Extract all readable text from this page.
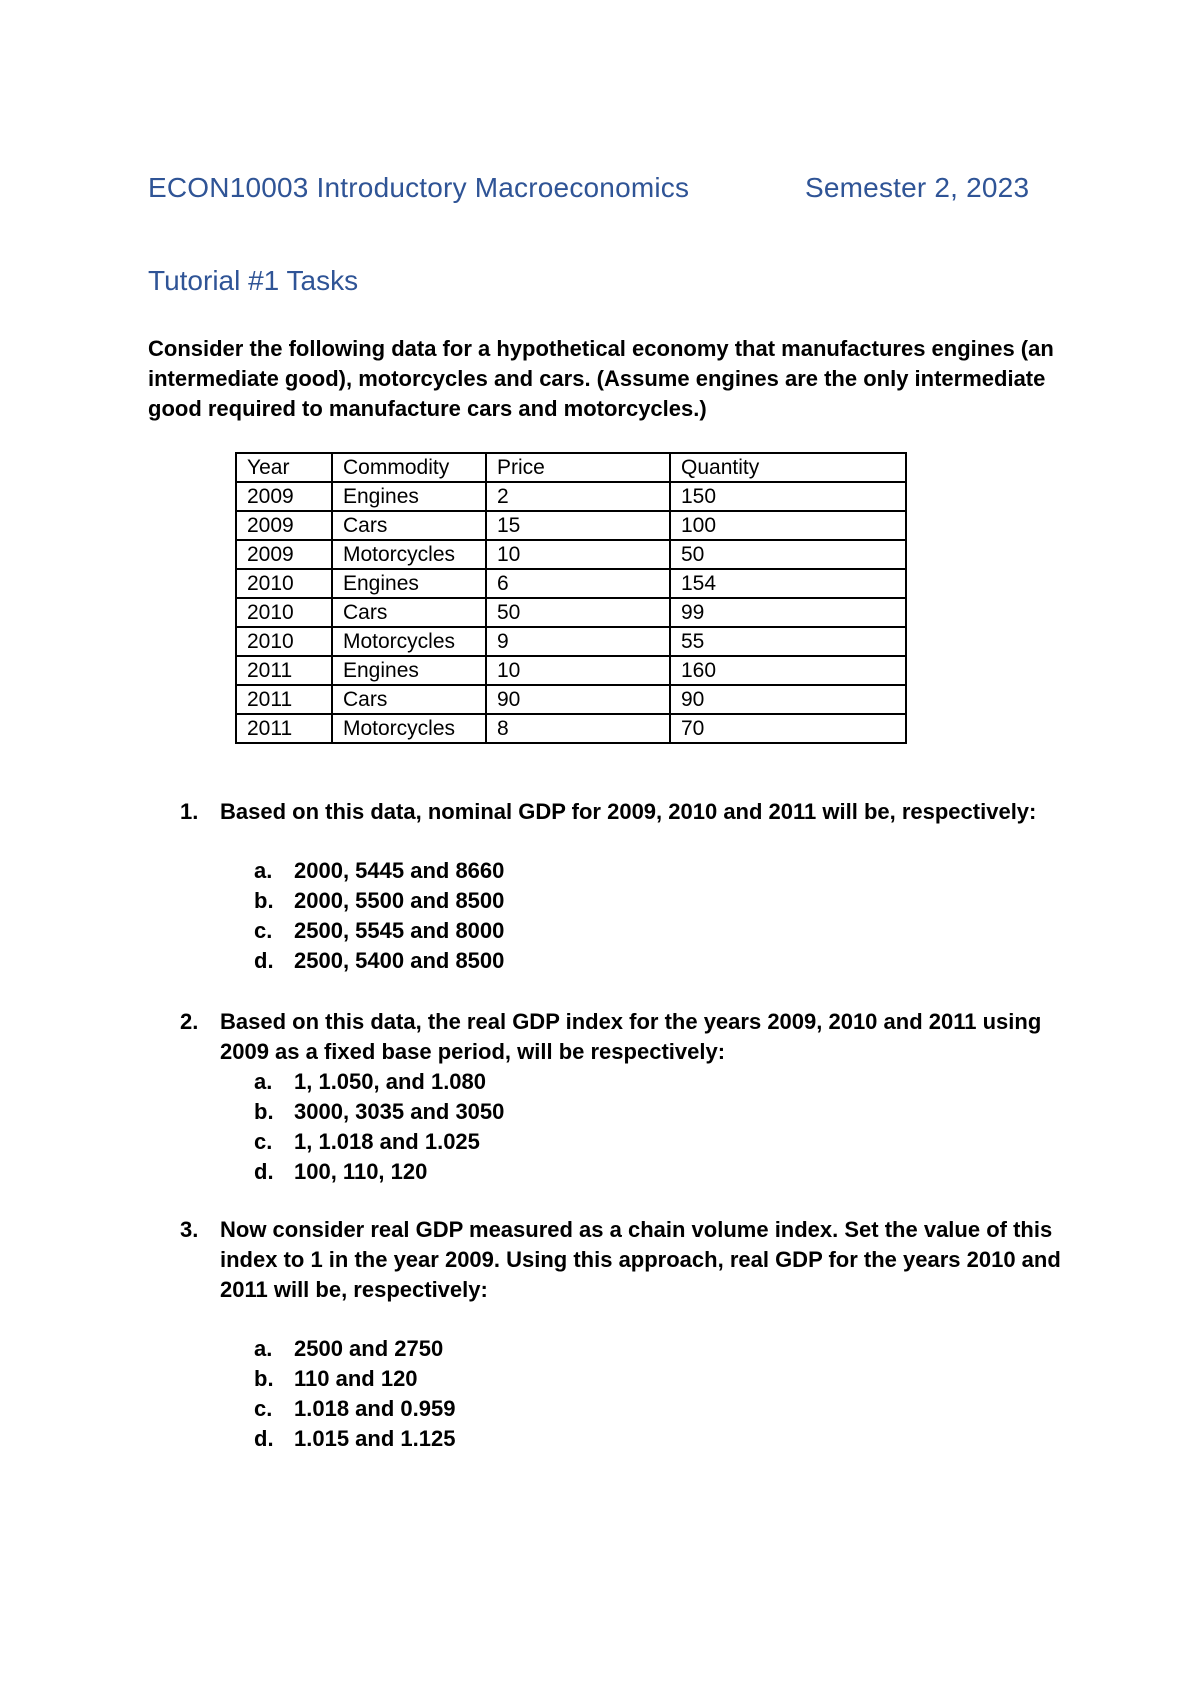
ECON10003 Introductory Macroeconomics	Semester 2, 2023
Tutorial #1 Tasks
Consider the following data for a hypothetical economy that manufactures engines (an intermediate good), motorcycles and cars. (Assume engines are the only intermediate good required to manufacture cars and motorcycles.)
Year	Commodity	Price	Quantity
2009	Engines	2	150
2009	Cars	15	100
2009	Motorcycles	10	50
2010	Engines	6	154
2010	Cars	50	99
2010	Motorcycles	9	55
2011	Engines	10	160
2011	Cars	90	90
2011	Motorcycles	8	70
1. Based on this data, nominal GDP for 2009, 2010 and 2011 will be, respectively:
a. 2000, 5445 and 8660
b. 2000, 5500 and 8500
c. 2500, 5545 and 8000
d. 2500, 5400 and 8500
2. Based on this data, the real GDP index for the years 2009, 2010 and 2011 using 2009 as a fixed base period, will be respectively:
a. 1, 1.050, and 1.080
b. 3000, 3035 and 3050
c. 1, 1.018 and 1.025
d. 100, 110, 120
3. Now consider real GDP measured as a chain volume index. Set the value of this index to 1 in the year 2009. Using this approach, real GDP for the years 2010 and 2011 will be, respectively:
a. 2500 and 2750
b. 110 and 120
c. 1.018 and 0.959
d. 1.015 and 1.125
